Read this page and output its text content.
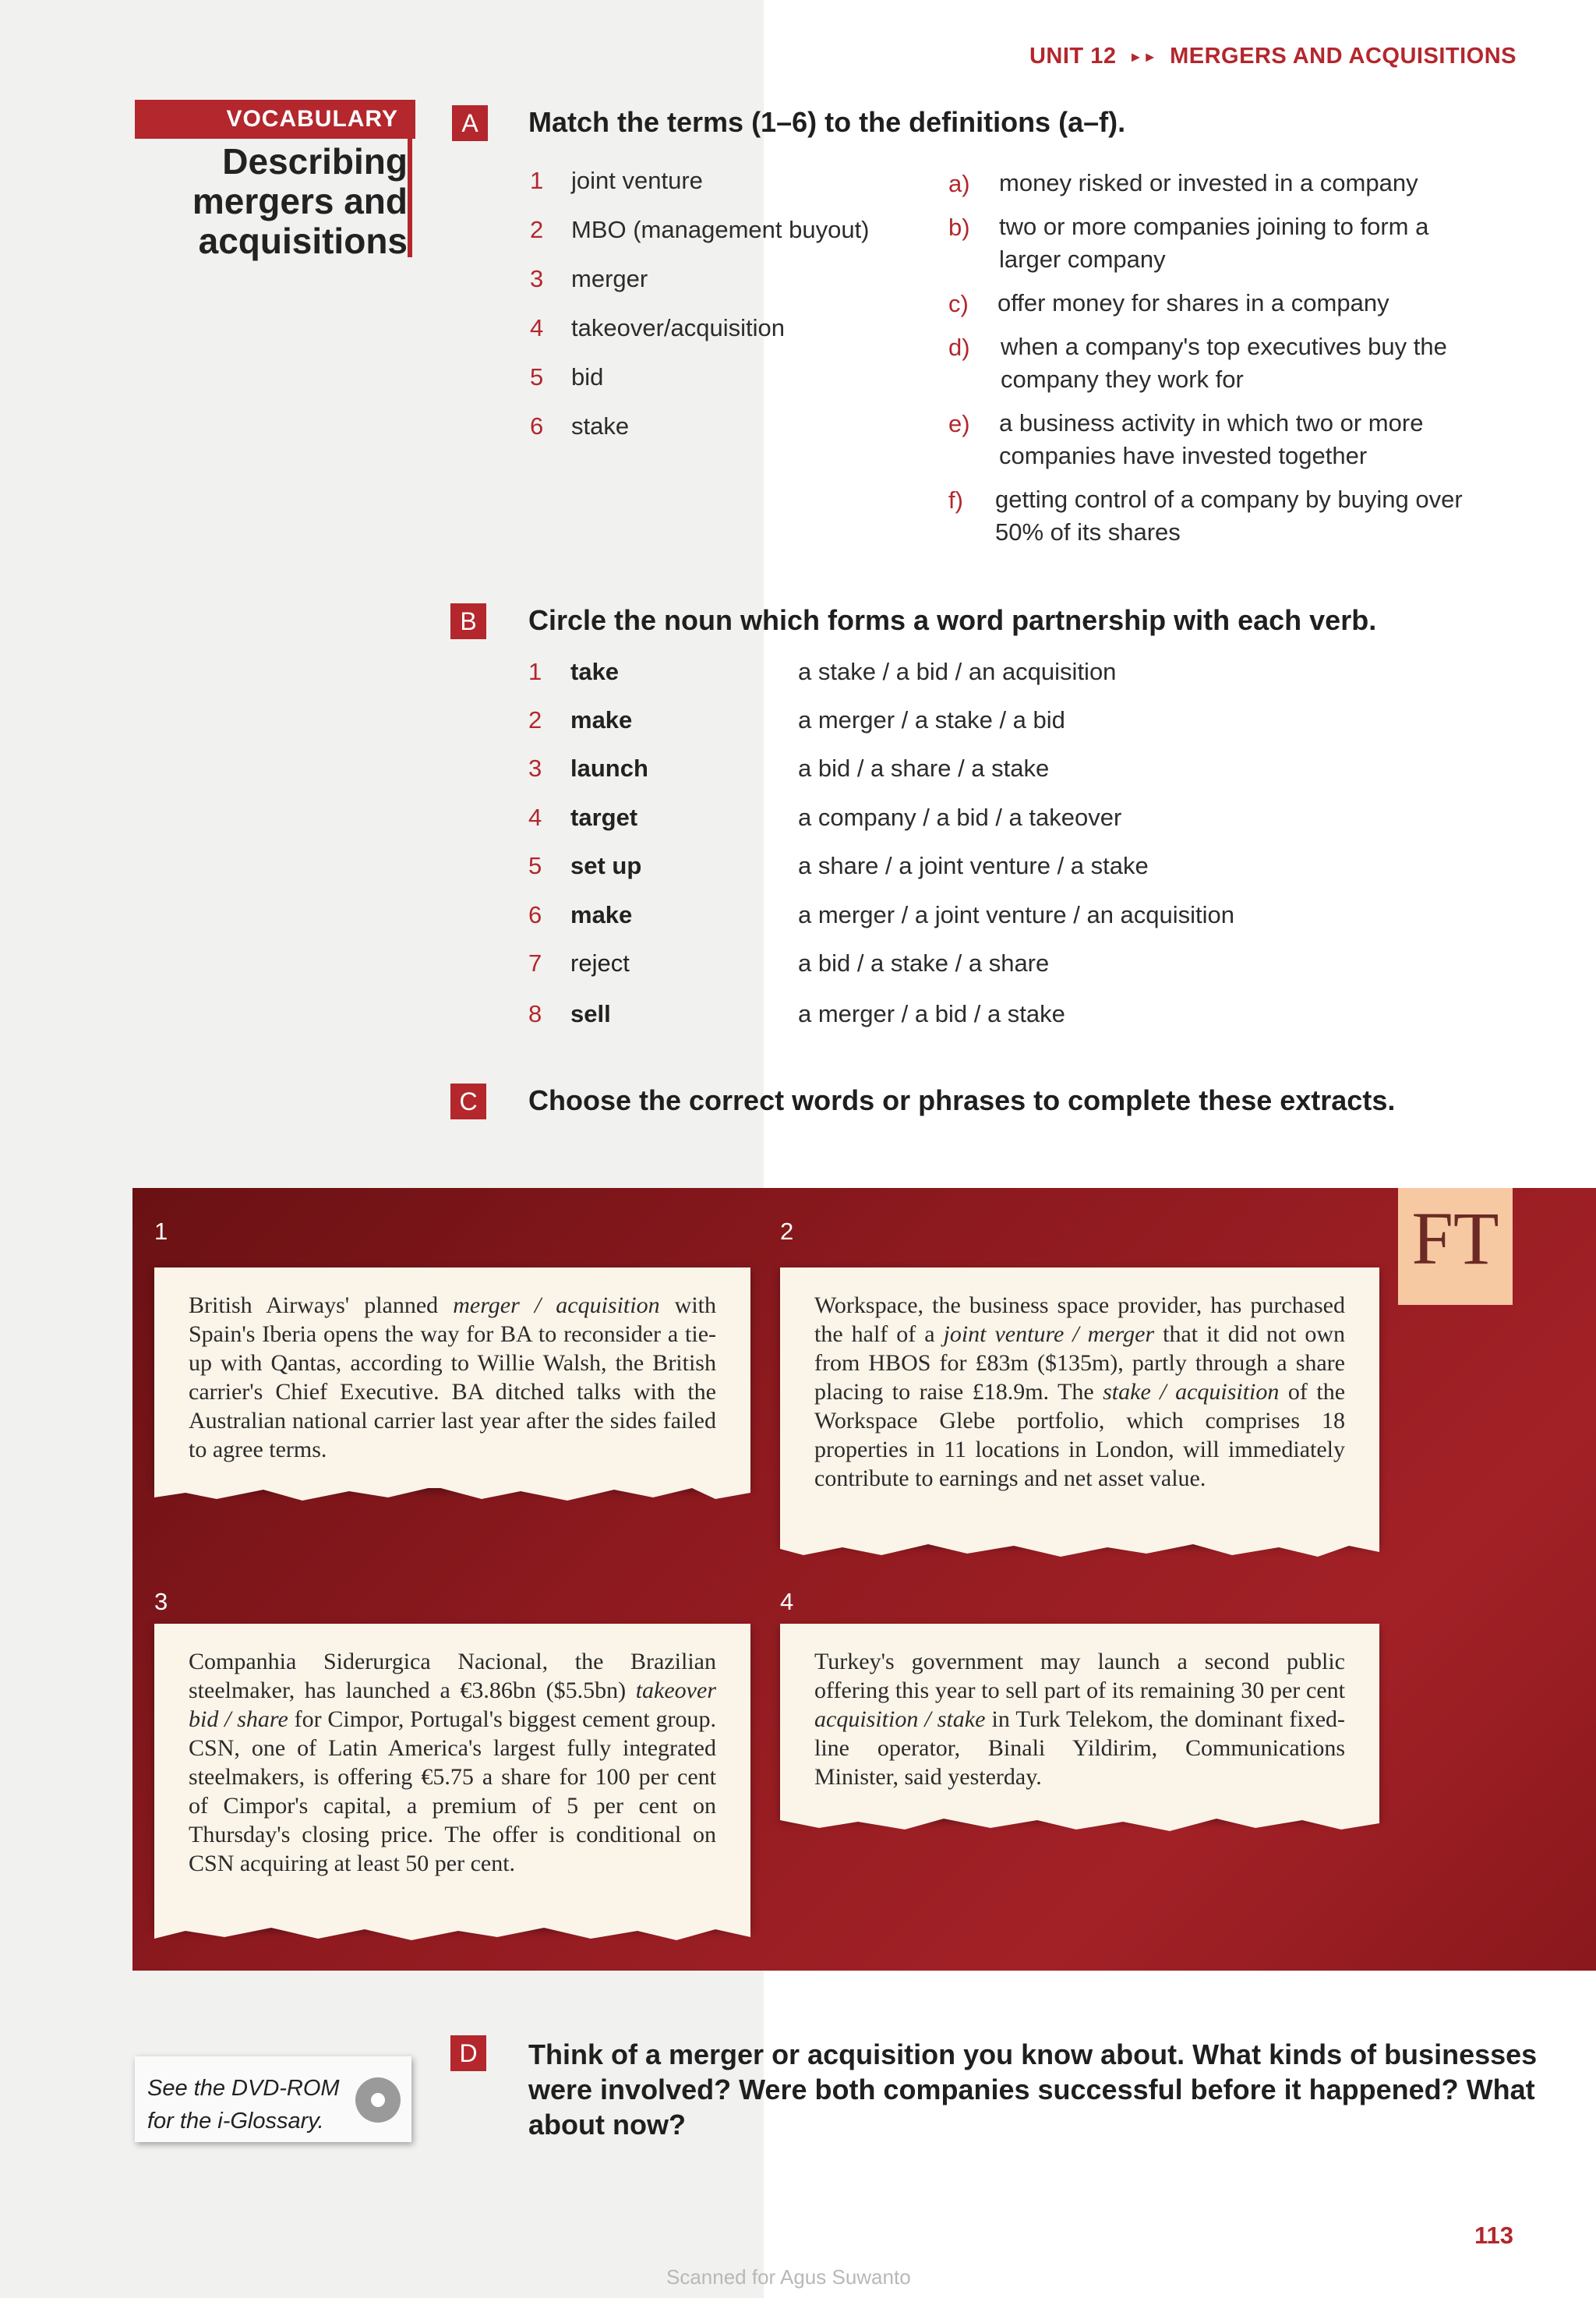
UNIT 12 ►► MERGERS AND ACQUISITIONS
VOCABULARY
Describing
mergers and
acquisitions
A	Match the terms (1–6) to the definitions (a–f).
1 joint venture
2 MBO (management buyout)
3 merger
4 takeover/acquisition
5 bid
6 stake
a) money risked or invested in a company
b) two or more companies joining to form a larger company
c) offer money for shares in a company
d) when a company's top executives buy the company they work for
e) a business activity in which two or more companies have invested together
f) getting control of a company by buying over 50% of its shares
B	Circle the noun which forms a word partnership with each verb.
1 take	a stake / a bid / an acquisition
2 make	a merger / a stake / a bid
3 launch	a bid / a share / a stake
4 target	a company / a bid / a takeover
5 set up	a share / a joint venture / a stake
6 make	a merger / a joint venture / an acquisition
7 reject	a bid / a stake / a share
8 sell	a merger / a bid / a stake
C	Choose the correct words or phrases to complete these extracts.
FT
1	2
3	4
British Airways' planned merger / acquisition with Spain's Iberia opens the way for BA to reconsider a tie-up with Qantas, according to Willie Walsh, the British carrier's Chief Executive. BA ditched talks with the Australian national carrier last year after the sides failed to agree terms.
Workspace, the business space provider, has purchased the half of a joint venture / merger that it did not own from HBOS for £83m ($135m), partly through a share placing to raise £18.9m. The stake / acquisition of the Workspace Glebe portfolio, which comprises 18 properties in 11 locations in London, will immediately contribute to earnings and net asset value.
Companhia Siderurgica Nacional, the Brazilian steelmaker, has launched a €3.86bn ($5.5bn) takeover bid / share for Cimpor, Portugal's biggest cement group. CSN, one of Latin America's largest fully integrated steelmakers, is offering €5.75 a share for 100 per cent of Cimpor's capital, a premium of 5 per cent on Thursday's closing price. The offer is conditional on CSN acquiring at least 50 per cent.
Turkey's government may launch a second public offering this year to sell part of its remaining 30 per cent acquisition / stake in Turk Telekom, the dominant fixed-line operator, Binali Yildirim, Communications Minister, said yesterday.
See the DVD-ROM
for the i-Glossary.
D	Think of a merger or acquisition you know about. What kinds of businesses were involved? Were both companies successful before it happened? What about now?
113
Scanned for Agus Suwanto
